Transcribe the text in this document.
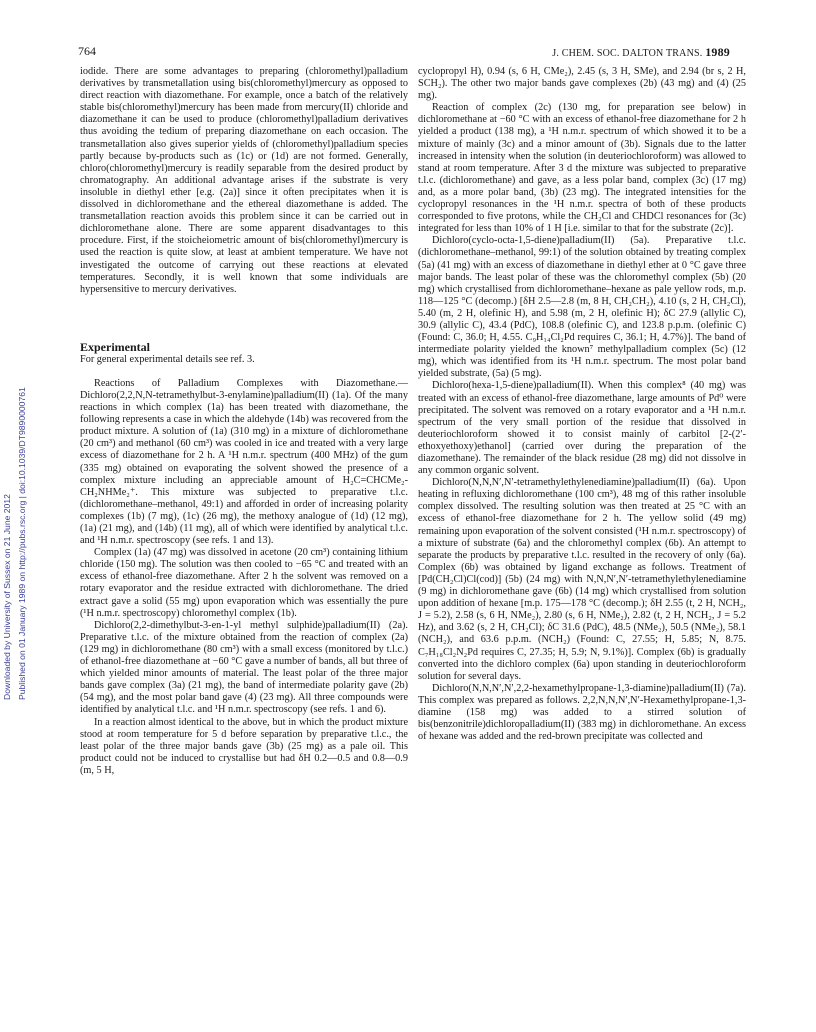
764	J. CHEM. SOC. DALTON TRANS. 1989
Downloaded by University of Sussex on 21 June 2012 Published on 01 January 1989 on http://pubs.rsc.org | doi:10.1039/DT9890000761

iodide. There are some advantages to preparing (chloromethyl)palladium derivatives by transmetallation using bis(chloromethyl)mercury as opposed to direct reaction with diazomethane. For example, once a batch of the relatively stable bis(chloromethyl)mercury has been made from mercury(II) chloride and diazomethane it can be used to produce (chloromethyl)palladium derivatives thus avoiding the tedium of preparing diazomethane on each occasion. The transmetallation also gives superior yields of (chloromethyl)palladium species partly because by-products such as (1c) or (1d) are not formed. Generally, chloro(chloromethyl)mercury is readily separable from the desired product by chromatography. An additional advantage arises if the substrate is very insoluble in diethyl ether [e.g. (2a)] since it often precipitates when it is dissolved in dichloromethane and the ethereal diazomethane is added. The transmetallation reaction avoids this problem since it can be carried out in dichloromethane alone. There are some apparent disadvantages to this procedure. First, if the stoicheiometric amount of bis(chloromethyl)mercury is used the reaction is quite slow, at least at ambient temperature. We have not investigated the outcome of carrying out these reactions at elevated temperatures. Secondly, it is well known that some individuals are hypersensitive to mercury derivatives.

Experimental

For general experimental details see ref. 3.

Reactions of Palladium Complexes with Diazomethane.—Dichloro(2,2,N,N-tetramethylbut-3-enylamine)palladium(II) (1a). Of the many reactions in which complex (1a) has been treated with diazomethane, the following represents a case in which the aldehyde (14b) was recovered from the product mixture. A solution of (1a) (310 mg) in a mixture of dichloromethane (20 cm³) and methanol (60 cm³) was cooled in ice and treated with a very large excess of diazomethane for 2 h. A ¹H n.m.r. spectrum (400 MHz) of the gum (335 mg) obtained on evaporating the solvent showed the presence of a complex mixture including an appreciable amount of H₂C=CHCMe₂-CH₂NHMe₂⁺. This mixture was subjected to preparative t.l.c. (dichloromethane–methanol, 49:1) and afforded in order of increasing polarity complexes (1b) (7 mg), (1c) (26 mg), the methoxy analogue of (1d) (12 mg), (1a) (21 mg), and (14b) (11 mg), all of which were identified by analytical t.l.c. and ¹H n.m.r. spectroscopy (see refs. 1 and 13).

Complex (1a) (47 mg) was dissolved in acetone (20 cm³) containing lithium chloride (150 mg). The solution was then cooled to −65 °C and treated with an excess of ethanol-free diazomethane. After 2 h the solvent was removed on a rotary evaporator and the residue extracted with dichloromethane. The dried extract gave a solid (55 mg) upon evaporation which was essentially the pure (¹H n.m.r. spectroscopy) chloromethyl complex (1b).

Dichloro(2,2-dimethylbut-3-en-1-yl methyl sulphide)palladium(II) (2a). Preparative t.l.c. of the mixture obtained from the reaction of complex (2a) (129 mg) in dichloromethane (80 cm³) with a small excess (monitored by t.l.c.) of ethanol-free diazomethane at −60 °C gave a number of bands, all but three of which yielded minor amounts of material. The least polar of the three major bands gave complex (3a) (21 mg), the band of intermediate polarity gave (2b) (54 mg), and the most polar band gave (4) (23 mg). All three compounds were identified by analytical t.l.c. and ¹H n.m.r. spectroscopy (see refs. 1 and 6).

In a reaction almost identical to the above, but in which the product mixture stood at room temperature for 5 d before separation by preparative t.l.c., the least polar of the three major bands gave (3b) (25 mg) as a pale oil. This product could not be induced to crystallise but had δH 0.2—0.5 and 0.8—0.9 (m, 5 H,

cyclopropyl H), 0.94 (s, 6 H, CMe₂), 2.45 (s, 3 H, SMe), and 2.94 (br s, 2 H, SCH₂). The other two major bands gave complexes (2b) (43 mg) and (4) (25 mg).

Reaction of complex (2c) (130 mg, for preparation see below) in dichloromethane at −60 °C with an excess of ethanol-free diazomethane for 2 h yielded a product (138 mg), a ¹H n.m.r. spectrum of which showed it to be a mixture of mainly (3c) and a minor amount of (3b). Signals due to the latter increased in intensity when the solution (in deuteriochloroform) was allowed to stand at room temperature. After 3 d the mixture was subjected to preparative t.l.c. (dichloromethane) and gave, as a less polar band, complex (3c) (17 mg) and, as a more polar band, (3b) (23 mg). The integrated intensities for the cyclopropyl resonances in the ¹H n.m.r. spectra of both of these products corresponded to five protons, while the CH₂Cl and CHDCl resonances for (3c) integrated for less than 10% of 1 H [i.e. similar to that for the substrate (2c)].

Dichloro(cyclo-octa-1,5-diene)palladium(II) (5a). Preparative t.l.c. (dichloromethane–methanol, 99:1) of the solution obtained by treating complex (5a) (41 mg) with an excess of diazomethane in diethyl ether at 0 °C gave three major bands. The least polar of these was the chloromethyl complex (5b) (20 mg) which crystallised from dichloromethane–hexane as pale yellow rods, m.p. 118—125 °C (decomp.) [δH 2.5—2.8 (m, 8 H, CH₂CH₂), 4.10 (s, 2 H, CH₂Cl), 5.40 (m, 2 H, olefinic H), and 5.98 (m, 2 H, olefinic H); δC 27.9 (allylic C), 30.9 (allylic C), 43.4 (PdC), 108.8 (olefinic C), and 123.8 p.p.m. (olefinic C) (Found: C, 36.0; H, 4.55. C₉H₁₄Cl₂Pd requires C, 36.1; H, 4.7%)]. The band of intermediate polarity yielded the known⁷ methylpalladium complex (5c) (12 mg), which was identified from its ¹H n.m.r. spectrum. The most polar band yielded substrate, (5a) (5 mg).

Dichloro(hexa-1,5-diene)palladium(II). When this complex⁸ (40 mg) was treated with an excess of ethanol-free diazomethane, large amounts of Pd⁰ were precipitated. The solvent was removed on a rotary evaporator and a ¹H n.m.r. spectrum of the very small portion of the residue that dissolved in deuteriochloroform showed it to consist mainly of carbitol [2-(2′-ethoxyethoxy)ethanol] (carried over during the preparation of the diazomethane). The remainder of the black residue (28 mg) did not dissolve in any common organic solvent.

Dichloro(N,N,N′,N′-tetramethylethylenediamine)palladium(II) (6a). Upon heating in refluxing dichloromethane (100 cm³), 48 mg of this rather insoluble complex dissolved. The resulting solution was then treated at 25 °C with an excess of ethanol-free diazomethane for 2 h. The yellow solid (49 mg) remaining upon evaporation of the solvent consisted (¹H n.m.r. spectroscopy) of a mixture of substrate (6a) and the chloromethyl complex (6b). An attempt to separate the products by preparative t.l.c. resulted in the recovery of only (6a). Complex (6b) was obtained by ligand exchange as follows. Treatment of [Pd(CH₂Cl)Cl(cod)] (5b) (24 mg) with N,N,N′,N′-tetramethylethylenediamine (9 mg) in dichloromethane gave (6b) (14 mg) which crystallised from solution upon addition of hexane [m.p. 175—178 °C (decomp.); δH 2.55 (t, 2 H, NCH₂, J = 5.2), 2.58 (s, 6 H, NMe₂), 2.80 (s, 6 H, NMe₂), 2.82 (t, 2 H, NCH₂, J = 5.2 Hz), and 3.62 (s, 2 H, CH₂Cl); δC 31.6 (PdC), 48.5 (NMe₂), 50.5 (NMe₂), 58.1 (NCH₂), and 63.6 p.p.m. (NCH₂) (Found: C, 27.55; H, 5.85; N, 8.75. C₇H₁₈Cl₂N₂Pd requires C, 27.35; H, 5.9; N, 9.1%)]. Complex (6b) is gradually converted into the dichloro complex (6a) upon standing in deuteriochloroform solution for several days.

Dichloro(N,N,N′,N′,2,2-hexamethylpropane-1,3-diamine)palladium(II) (7a). This complex was prepared as follows. 2,2,N,N,N′,N′-Hexamethylpropane-1,3-diamine (158 mg) was added to a stirred solution of bis(benzonitrile)dichloropalladium(II) (383 mg) in dichloromethane. An excess of hexane was added and the red-brown precipitate was collected and
